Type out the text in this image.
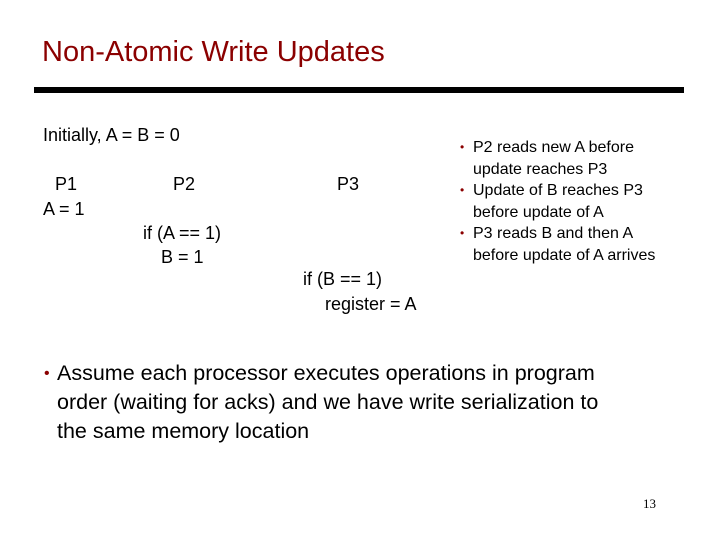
Non-Atomic Write Updates
Initially, A = B = 0
P1
A = 1
P2
if (A == 1)
B = 1
P3
if (B == 1)
register = A
• P2 reads new A before
update reaches P3
• Update of B reaches P3
before update of A
• P3 reads B and then A
before update of A arrives
• Assume each processor executes operations in program
order (waiting for acks) and we have write serialization to
the same memory location
13
